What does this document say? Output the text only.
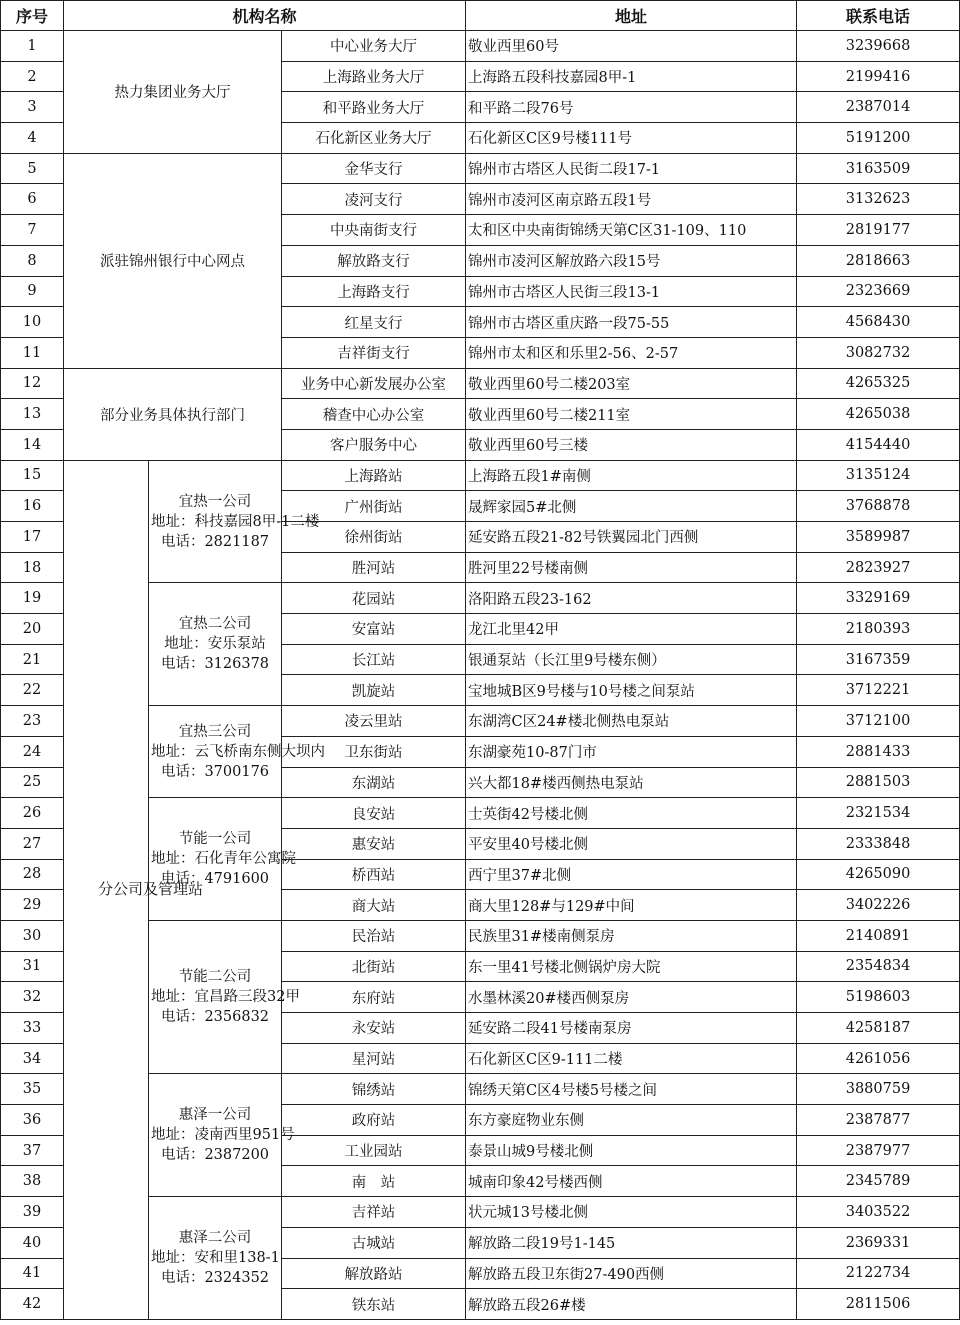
序号	机构名称			地址	联系电话
1	热力集团业务大厅		中心业务大厅	敬业西里60号	3239668
2			上海路业务大厅	上海路五段科技嘉园8甲-1	2199416
3			和平路业务大厅	和平路二段76号	2387014
4			石化新区业务大厅	石化新区C区9号楼111号	5191200
5	派驻锦州银行中心网点		金华支行	锦州市古塔区人民街二段17-1	3163509
6			凌河支行	锦州市凌河区南京路五段1号	3132623
7			中央南街支行	太和区中央南街锦绣天第C区31-109、110	2819177
8			解放路支行	锦州市凌河区解放路六段15号	2818663
9			上海路支行	锦州市古塔区人民街三段13-1	2323669
10			红星支行	锦州市古塔区重庆路一段75-55	4568430
11			吉祥街支行	锦州市太和区和乐里2-56、2-57	3082732
12	部分业务具体执行部门		业务中心新发展办公室	敬业西里60号二楼203室	4265325
13			稽查中心办公室	敬业西里60号二楼211室	4265038
14			客户服务中心	敬业西里60号三楼	4154440
15	分公司及管理站	宜热一公司
地址：科技嘉园8甲-1二楼
电话：2821187	上海路站	上海路五段1#南侧	3135124
16			广州街站	晟辉家园5#北侧	3768878
17			徐州街站	延安路五段21-82号铁翼园北门西侧	3589987
18			胜河站	胜河里22号楼南侧	2823927
19		宜热二公司
地址：安乐泵站
电话：3126378	花园站	洛阳路五段23-162	3329169
20			安富站	龙江北里42甲	2180393
21			长江站	银通泵站（长江里9号楼东侧）	3167359
22			凯旋站	宝地城B区9号楼与10号楼之间泵站	3712221
23		宜热三公司
地址：云飞桥南东侧大坝内
电话：3700176	凌云里站	东湖湾C区24#楼北侧热电泵站	3712100
24			卫东街站	东湖豪苑10-87门市	2881433
25			东湖站	兴大都18#楼西侧热电泵站	2881503
26		节能一公司
地址：石化青年公寓院
电话：4791600	良安站	士英街42号楼北侧	2321534
27			惠安站	平安里40号楼北侧	2333848
28			桥西站	西宁里37#北侧	4265090
29			商大站	商大里128#与129#中间	3402226
30		节能二公司
地址：宜昌路三段32甲
电话：2356832	民治站	民族里31#楼南侧泵房	2140891
31			北街站	东一里41号楼北侧锅炉房大院	2354834
32			东府站	水墨林溪20#楼西侧泵房	5198603
33			永安站	延安路二段41号楼南泵房	4258187
34			星河站	石化新区C区9-111二楼	4261056
35		惠泽一公司
地址：凌南西里951号
电话：2387200	锦绣站	锦绣天第C区4号楼5号楼之间	3880759
36			政府站	东方豪庭物业东侧	2387877
37			工业园站	泰景山城9号楼北侧	2387977
38			南　站	城南印象42号楼西侧	2345789
39		惠泽二公司
地址：安和里138-1
电话：2324352	吉祥站	状元城13号楼北侧	3403522
40			古城站	解放路二段19号1-145	2369331
41			解放路站	解放路五段卫东街27-490西侧	2122734
42			铁东站	解放路五段26#楼	2811506
